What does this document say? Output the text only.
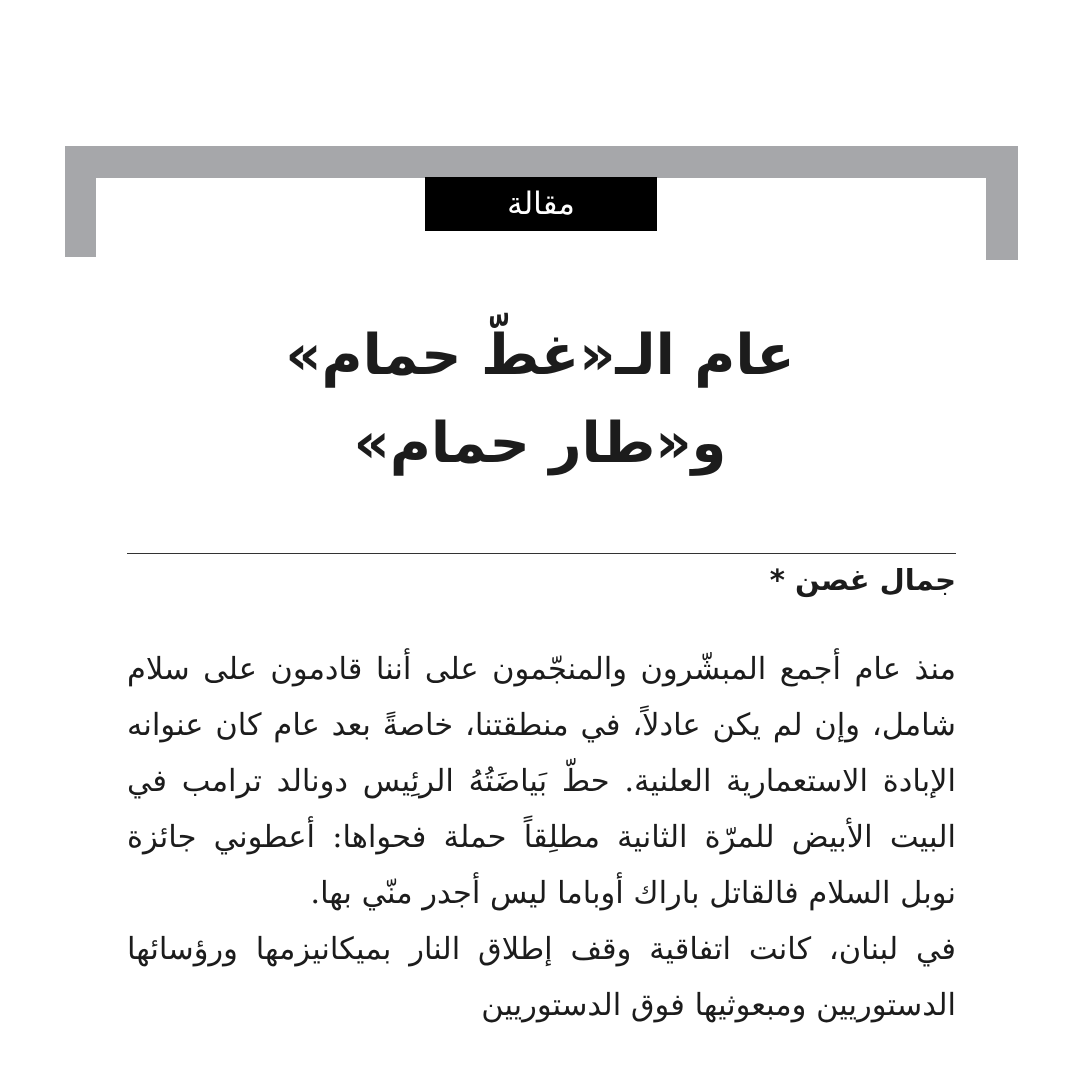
مقالة
عام الـ«غطّ حمام»
و«طار حمام»
جمال غصن *

منذ عام أجمع المبشّرون والمنجّمون على أننا قادمون على سلام شامل، وإن لم يكن عادلاً، في منطقتنا، خاصةً بعد عام كان عنوانه الإبادة الاستعمارية العلنية. حطّ بَياضَتُهُ الرئِيس دونالد ترامب في البيت الأبيض للمرّة الثانية مطلِقاً حملة فحواها: أعطوني جائزة نوبل السلام فالقاتل باراك أوباما ليس أجدر منّي بها.

في لبنان، كانت اتفاقية وقف إطلاق النار بميكانيزمها ورؤسائها الدستوريين ومبعوثيها فوق الدستوريين
